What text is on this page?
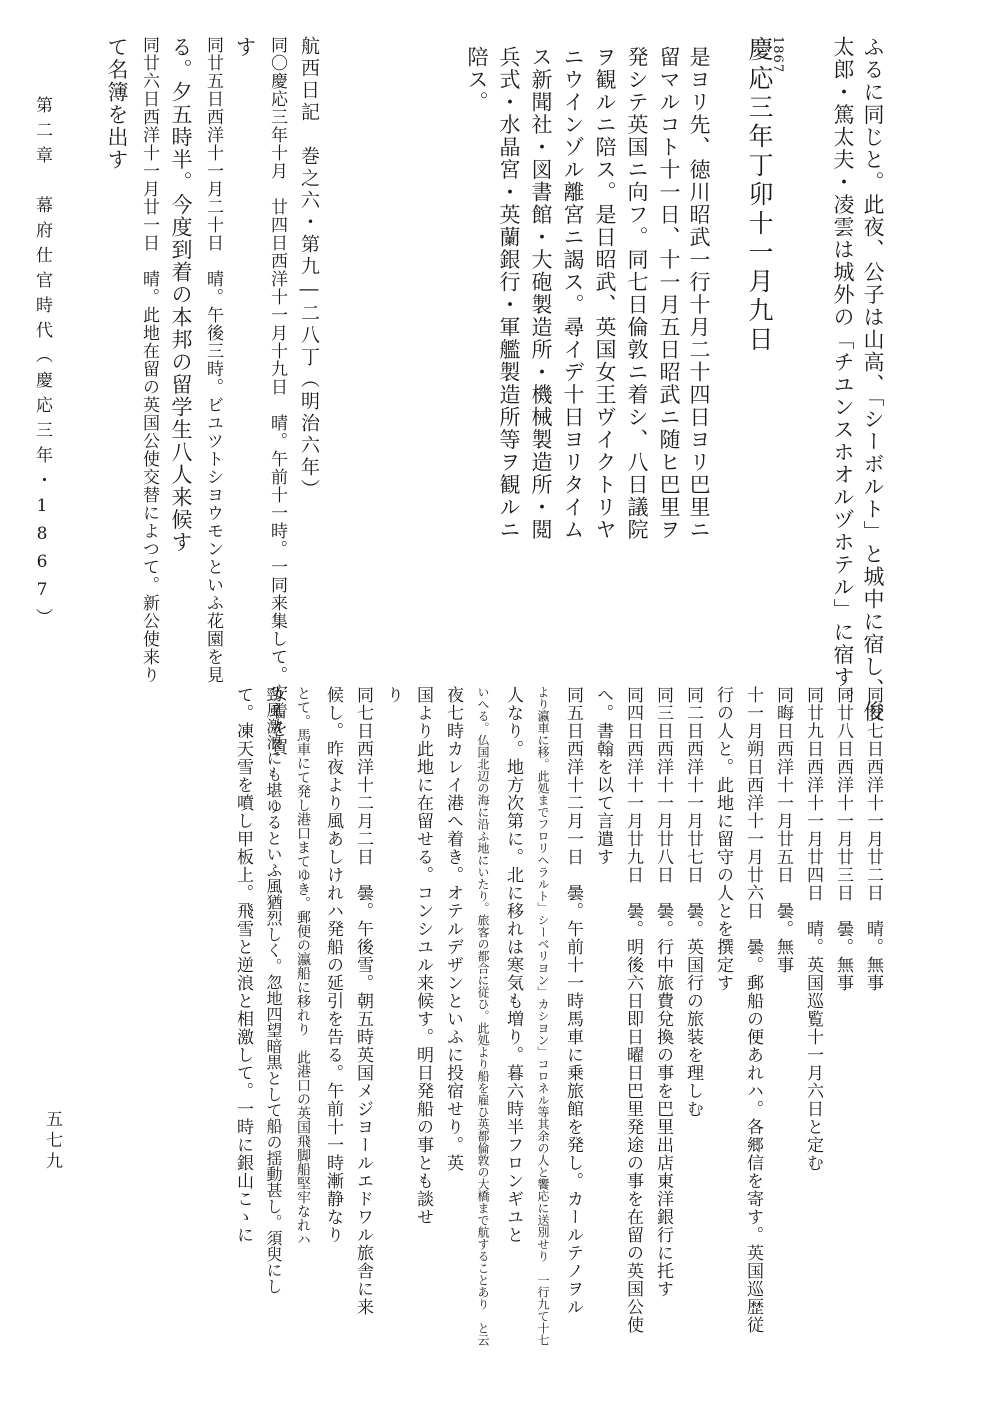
第二章　幕府仕官時代（慶応三年・1867）
五七九
ふるに同じと。此夜、公子は山高、「シーボルト」と城中に宿し、俊
太郎・篤太夫・凌雲は城外の「チユンスホオルヅホテル」に宿す。
1867
慶応三年丁卯十一月九日
是ヨリ先、徳川昭武一行十月二十四日ヨリ巴里ニ
留マルコト十一日、十一月五日昭武ニ随ヒ巴里ヲ
発シテ英国ニ向フ。同七日倫敦ニ着シ、八日議院
ヲ観ルニ陪ス。是日昭武、英国女王ヴイクトリヤ
ニウインゾル離宮ニ謁ス。尋イデ十日ヨリタイム
ス新聞社・図書館・大砲製造所・機械製造所・閲
兵式・水晶宮・英蘭銀行・軍艦製造所等ヲ観ルニ
陪ス。
航西日記　巻之六・第九―二八丁（明治六年）
同〇慶応三年十月　廿四日西洋十一月十九日　晴。午前十一時。一同来集して。安着を賀
す
同廿五日西洋十一月二十日　晴。午後三時。ビユツトシヨウモンといふ花園を見
る。夕五時半。今度到着の本邦の留学生八人来候す
同廿六日西洋十一月廿一日　晴。此地在留の英国公使交替によつて。新公使来り
て名簿を出す
同廿七日西洋十一月廿二日　晴。無事
同廿八日西洋十一月廿三日　曇。無事
同廿九日西洋十一月廿四日　晴。英国巡覧十一月六日と定む
同晦日西洋十一月廿五日　曇。無事
十一月朔日西洋十一月廿六日　曇。郵船の便あれハ。各郷信を寄す。英国巡歴従
行の人と。此地に留守の人とを撰定す
同二日西洋十一月廿七日　曇。英国行の旅装を理しむ
同三日西洋十一月廿八日　曇。行中旅費兌換の事を巴里出店東洋銀行に托す
同四日西洋十一月廿九日　曇。明後六日即日曜日巴里発途の事を在留の英国公使
へ。書翰を以て言遣す
同五日西洋十二月一日　曇。午前十一時馬車に乗旅館を発し。カールテノヲル
より瀛車に移。此処までフロリヘラルト」シーベリヨン」カシヨン」コロネル等其余の人と饗応に送別せり　一行九て十七
人なり。地方次第に。北に移れは寒気も増り。暮六時半フロンギユと
いへる。仏国北辺の海に沿ふ地にいたり。旅客の都合に従ひ。此処より船を雇ひ英都倫敦の大橋まで航することあり　と云
夜七時カレイ港へ着き。オテルデザンといふに投宿せり。英
国より此地に在留せる。コンシユル来候す。明日発船の事とも談せ
り
同七日西洋十二月二日　曇。午後雪。朝五時英国メジヨールエドワル旅舎に来
候し。昨夜より風あしけれハ発船の延引を告る。午前十一時漸静なり
とて。馬車にて発し港口まてゆき。郵便の瀛船に移れり　此港口の英国飛脚船堅牢なれハ
勁風激浪にも堪ゆるといふ風猶烈しく。忽地四望暗黒として船の揺動甚し。須臾にし
て。凍天雪を噴し甲板上。飛雪と逆浪と相激して。一時に銀山こゝに
